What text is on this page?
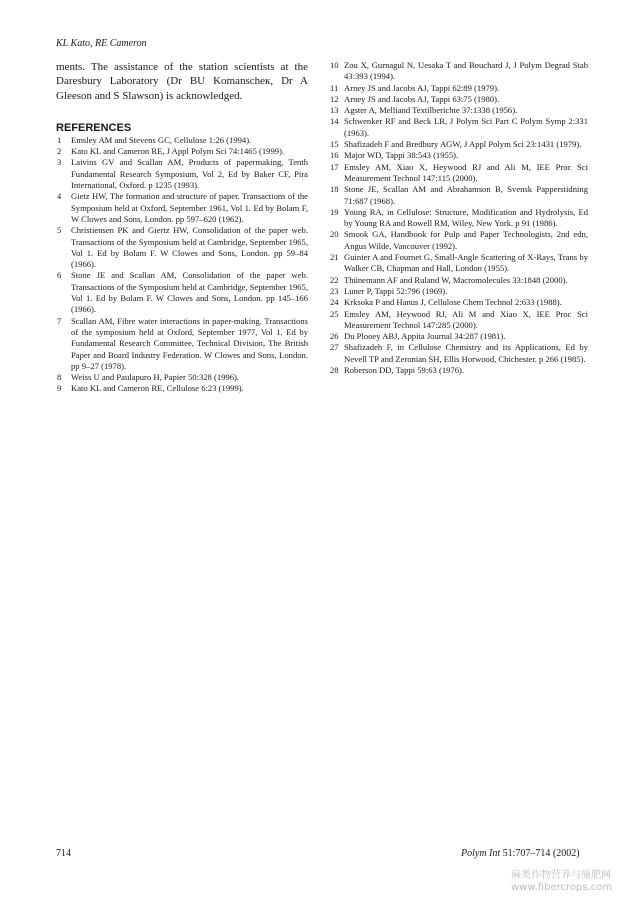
KL Kato, RE Cameron

ments. The assistance of the station scientists at the Daresbury Laboratory (Dr BU Komanscheк, Dr A Gleeson and S Slawson) is acknowledged.

REFERENCES
1 Emsley AM and Stevens GC, Cellulose 1:26 (1994).
2 Kato KL and Cameron RE, J Appl Polym Sci 74:1465 (1999).
3 Laivins GV and Scallan AM, Products of papermaking, Tenth Fundamental Research Symposium, Vol 2, Ed by Baker CF, Pira International, Oxford. p 1235 (1993).
4 Gietz HW, The formation and structure of paper. Transactions of the Symposium held at Oxford, September 1961, Vol 1. Ed by Bolam F, W Clowes and Sons, London. pp 597–620 (1962).
5 Christiensen PK and Giertz HW, Consolidation of the paper web. Transactions of the Symposium held at Cambridge, September 1965, Vol 1. Ed by Bolam F. W Clowes and Sons, London. pp 59–84 (1966).
6 Stone JE and Scallan AM, Consolidation of the paper web. Transactions of the Symposium held at Cambridge, September 1965, Vol 1. Ed by Bolam F. W Clowes and Sons, London. pp 145–166 (1966).
7 Scallan AM, Fibre water interactions in paper-making. Transactions of the symposium held at Oxford, September 1977, Vol 1. Ed by Fundamental Research Committee, Technical Division, The British Paper and Board Industry Federation. W Clowes and Sons, London. pp 9–27 (1978).
8 Weiss U and Paulapuro H, Papier 50:328 (1996).
9 Kato KL and Cameron RE, Cellulose 6:23 (1999).
10 Zou X, Gurnagul N, Uesaka T and Bouchard J, J Polym Degrad Stab 43:393 (1994).
11 Arney JS and Jacobs AJ, Tappi 62:89 (1979).
12 Arney JS and Jacobs AJ, Tappi 63:75 (1980).
13 Agster A, Melliand Textilberichte 37:1338 (1956).
14 Schwenker RF and Beck LR, J Polym Sci Part C Polym Symp 2:331 (1963).
15 Shafizadeh F and Bredbury AGW, J Appl Polym Sci 23:1431 (1979).
16 Major WD, Tappi 38:543 (1955).
17 Emsley AM, Xiao X, Heywood RJ and Ali M, IEE Proc Sci Measurement Technol 147:115 (2000).
18 Stone JE, Scallan AM and Abrahamson B, Svensk Papperstidning 71:687 (1968).
19 Young RA, in Cellulose: Structure, Modification and Hydrolysis, Ed by Young RA and Rowell RM, Wiley, New York. p 91 (1986).
20 Smook GA, Handbook for Pulp and Paper Technologists, 2nd edn, Angus Wilde, Vancouver (1992).
21 Guinier A and Fournet G, Small-Angle Scattering of X-Rays, Trans by Walker CB, Chapman and Hall, London (1955).
22 Thünemann AF and Ruland W, Macromolecules 33:1848 (2000).
23 Luner P, Tappi 52:796 (1969).
24 Krksoka P and Hanus J, Cellulose Chem Technol 2:633 (1988).
25 Emsley AM, Heywood RJ, Ali M and Xiao X, IEE Proc Sci Measurement Technol 147:285 (2000).
26 Du Plooey ABJ, Appita Journal 34:287 (1981).
27 Shafizadeh F, in Cellulose Chemistry and its Applications, Ed by Nevell TP and Zeronian SH, Ellis Horwood, Chichester. p 266 (1985).
28 Roberson DD, Tappi 59:63 (1976).
714	Polym Int 51:707–714 (2002)
麻类作物营养与施肥网
www.fibercrops.com
